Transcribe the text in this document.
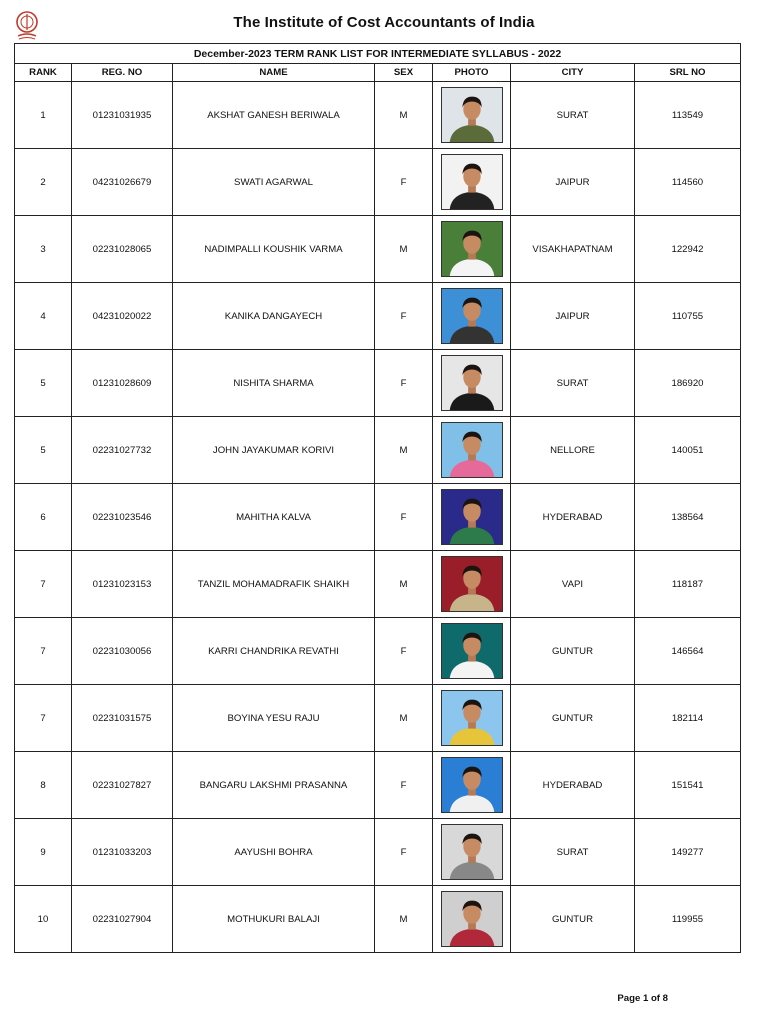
The Institute of Cost Accountants of India
December-2023 TERM RANK LIST FOR INTERMEDIATE SYLLABUS - 2022						
RANK	REG. NO	NAME	SEX	PHOTO	CITY	SRL NO
1	01231031935	AKSHAT GANESH BERIWALA	M		SURAT	113549
2	04231026679	SWATI AGARWAL	F		JAIPUR	114560
3	02231028065	NADIMPALLI KOUSHIK VARMA	M		VISAKHAPATNAM	122942
4	04231020022	KANIKA DANGAYECH	F		JAIPUR	110755
5	01231028609	NISHITA SHARMA	F		SURAT	186920
5	02231027732	JOHN JAYAKUMAR KORIVI	M		NELLORE	140051
6	02231023546	MAHITHA KALVA	F		HYDERABAD	138564
7	01231023153	TANZIL MOHAMADRAFIK SHAIKH	M		VAPI	118187
7	02231030056	KARRI CHANDRIKA REVATHI	F		GUNTUR	146564
7	02231031575	BOYINA YESU RAJU	M		GUNTUR	182114
8	02231027827	BANGARU LAKSHMI PRASANNA	F		HYDERABAD	151541
9	01231033203	AAYUSHI BOHRA	F		SURAT	149277
10	02231027904	MOTHUKURI BALAJI	M		GUNTUR	119955
Page 1 of 8
